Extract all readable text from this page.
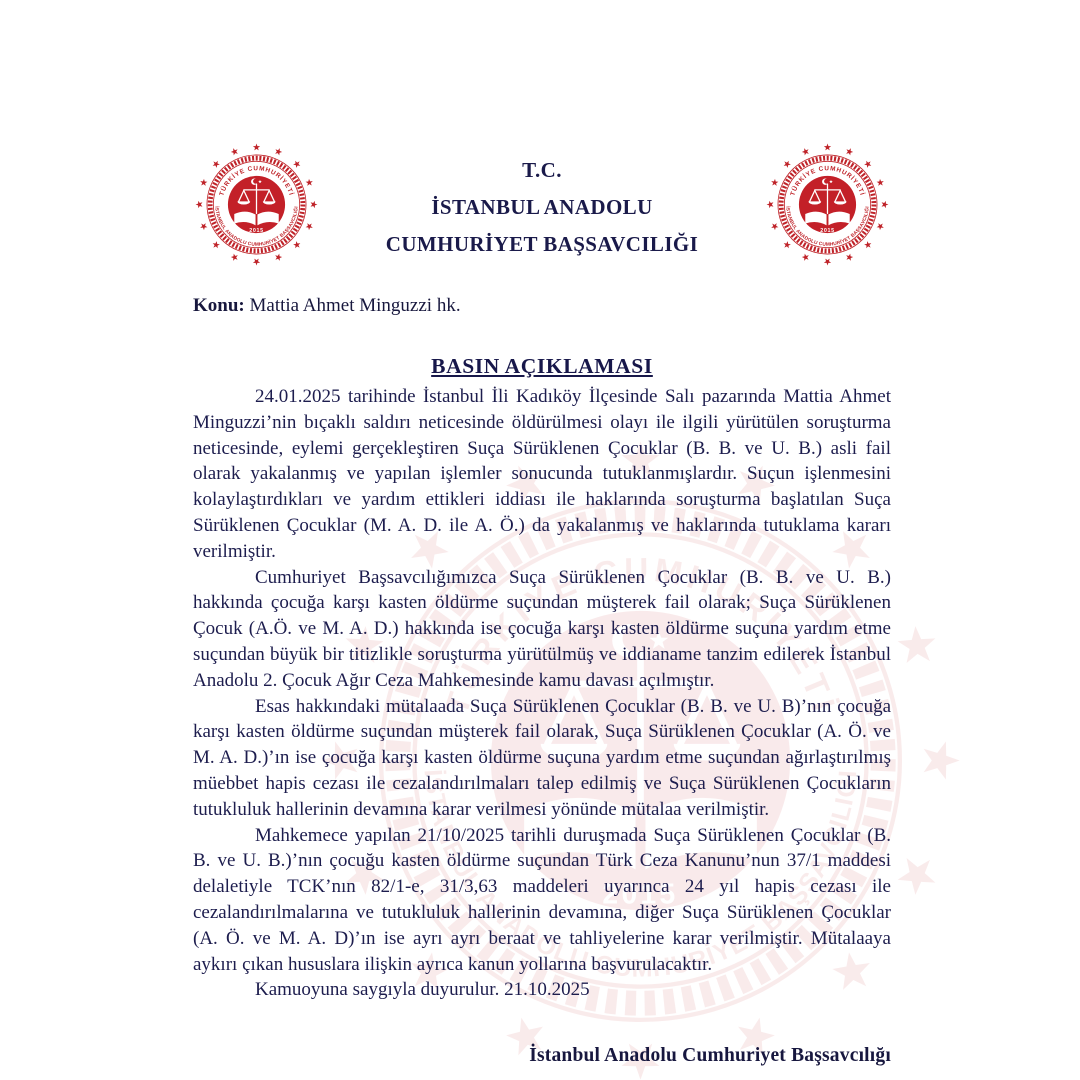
T.C.
İSTANBUL ANADOLU
CUMHURİYET BAŞSAVCILIĞI
Konu: Mattia Ahmet Minguzzi hk.
BASIN AÇIKLAMASI

24.01.2025 tarihinde İstanbul İli Kadıköy İlçesinde Salı pazarında Mattia Ahmet Minguzzi’nin bıçaklı saldırı neticesinde öldürülmesi olayı ile ilgili yürütülen soruşturma neticesinde, eylemi gerçekleştiren Suça Sürüklenen Çocuklar (B. B. ve U. B.) asli fail olarak yakalanmış ve yapılan işlemler sonucunda tutuklanmışlardır. Suçun işlenmesini kolaylaştırdıkları ve yardım ettikleri iddiası ile haklarında soruşturma başlatılan Suça Sürüklenen Çocuklar (M. A. D. ile A. Ö.) da yakalanmış ve haklarında tutuklama kararı verilmiştir.

Cumhuriyet Başsavcılığımızca Suça Sürüklenen Çocuklar (B. B. ve U. B.) hakkında çocuğa karşı kasten öldürme suçundan müşterek fail olarak; Suça Sürüklenen Çocuk (A.Ö. ve M. A. D.) hakkında ise çocuğa karşı kasten öldürme suçuna yardım etme suçundan büyük bir titizlikle soruşturma yürütülmüş ve iddianame tanzim edilerek İstanbul Anadolu 2. Çocuk Ağır Ceza Mahkemesinde kamu davası açılmıştır.

Esas hakkındaki mütalaada Suça Sürüklenen Çocuklar (B. B. ve U. B)’nın çocuğa karşı kasten öldürme suçundan müşterek fail olarak, Suça Sürüklenen Çocuklar (A. Ö. ve M. A. D.)’ın ise çocuğa karşı kasten öldürme suçuna yardım etme suçundan ağırlaştırılmış müebbet hapis cezası ile cezalandırılmaları talep edilmiş ve Suça Sürüklenen Çocukların tutukluluk hallerinin devamına karar verilmesi yönünde mütalaa verilmiştir.

Mahkemece yapılan 21/10/2025 tarihli duruşmada Suça Sürüklenen Çocuklar (B. B. ve U. B.)’nın çocuğu kasten öldürme suçundan Türk Ceza Kanunu’nun 37/1 maddesi delaletiyle TCK’nın 82/1-e, 31/3,63 maddeleri uyarınca 24 yıl hapis cezası ile cezalandırılmalarına ve tutukluluk hallerinin devamına, diğer Suça Sürüklenen Çocuklar (A. Ö. ve M. A. D)’ın ise ayrı ayrı beraat ve tahliyelerine karar verilmiştir. Mütalaaya aykırı çıkan hususlara ilişkin ayrıca kanun yollarına başvurulacaktır.

Kamuoyuna saygıyla duyurulur. 21.10.2025

İstanbul Anadolu Cumhuriyet Başsavcılığı
